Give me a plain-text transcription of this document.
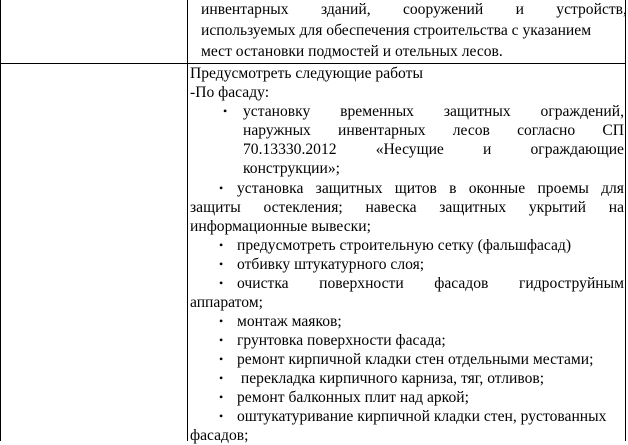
инвентарных зданий, сооружений и устройств,
используемых для обеспечения строительства с указанием
мест остановки подмостей и отельных лесов.
Предусмотреть следующие работы
-По фасаду:
• установку временных защитных ограждений,
наружных инвентарных лесов согласно СП
70.13330.2012	«Несущие	и	ограждающие
конструкции»;
• установка защитных щитов в оконные проемы для
защиты остекления; навеска защитных укрытий на
информационные вывески;
• предусмотреть строительную сетку (фальшфасад)
• отбивку штукатурного слоя;
• очистка поверхности фасадов гидроструйным
аппаратом;
• монтаж маяков;
• грунтовка поверхности фасада;
• ремонт кирпичной кладки стен отдельными местами;
• перекладка кирпичного карниза, тяг, отливов;
• ремонт балконных плит над аркой;
• оштукатуривание кирпичной кладки стен, рустованных
фасадов;
